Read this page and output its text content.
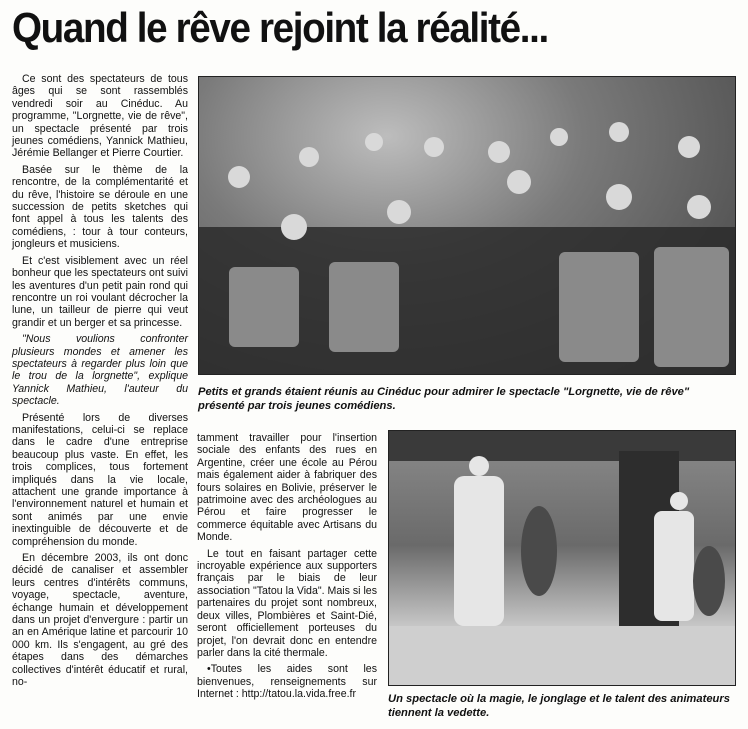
Quand le rêve rejoint la réalité...

Ce sont des spectateurs de tous âges qui se sont rassemblés vendredi soir au Cinéduc. Au programme, "Lorgnette, vie de rêve", un spectacle présenté par trois jeunes comédiens, Yannick Mathieu, Jérémie Bellanger et Pierre Courtier.

Basée sur le thème de la rencontre, de la complémentarité et du rêve, l'histoire se déroule en une succession de petits sketches qui font appel à tous les talents des comédiens, : tour à tour conteurs, jongleurs et musiciens.

Et c'est visiblement avec un réel bonheur que les spectateurs ont suivi les aventures d'un petit pain rond qui rencontre un roi voulant décrocher la lune, un tailleur de pierre qui veut grandir et un berger et sa princesse.

"Nous voulions confronter plusieurs mondes et amener les spectateurs à regarder plus loin que le trou de la lorgnette", explique Yannick Mathieu, l'auteur du spectacle.

Présenté lors de diverses manifestations, celui-ci se replace dans le cadre d'une entreprise beaucoup plus vaste. En effet, les trois complices, tous fortement impliqués dans la vie locale, attachent une grande importance à l'environnement naturel et humain et sont animés par une envie inextinguible de découverte et de compréhension du monde.

En décembre 2003, ils ont donc décidé de canaliser et assembler leurs centres d'intérêts communs, voyage, spectacle, aventure, échange humain et développement dans un projet d'envergure : partir un an en Amérique latine et parcourir 10 000 km. Ils s'engagent, au gré des étapes dans des démarches collectives d'intérêt éducatif et rural, no-

Petits et grands étaient réunis au Cinéduc pour admirer le spectacle "Lorgnette, vie de rêve" présenté par trois jeunes comédiens.

tamment travailler pour l'insertion sociale des enfants des rues en Argentine, créer une école au Pérou mais également aider à fabriquer des fours solaires en Bolivie, préserver le patrimoine avec des archéologues au Pérou et faire progresser le commerce équitable avec Artisans du Monde.

Le tout en faisant partager cette incroyable expérience aux supporters français par le biais de leur association "Tatou la Vida". Mais si les partenaires du projet sont nombreux, deux villes, Plombières et Saint-Dié, seront officiellement porteuses du projet, l'on devrait donc en entendre parler dans la cité thermale.

• Toutes les aides sont les bienvenues, renseignements sur Internet : http://tatou.la.vida.free.fr	Un spectacle où la magie, le jonglage et le talent des animateurs tiennent la vedette.
